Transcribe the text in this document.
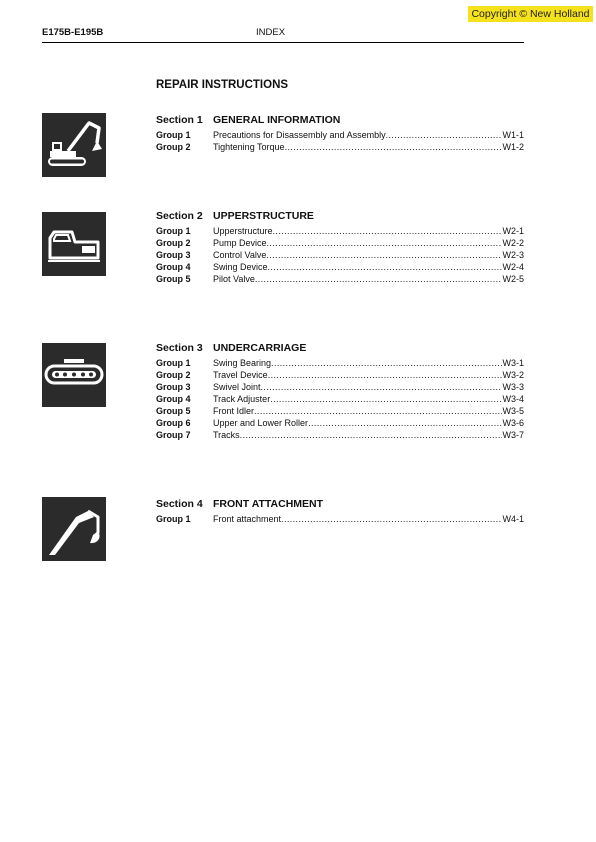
Copyright © New Holland
E175B-E195B	INDEX
REPAIR INSTRUCTIONS
Section 1 GENERAL INFORMATION
Group 1	Precautions for Disassembly and Assembly .....	W1-1
Group 2	Tightening Torque .....	W1-2
Section 2 UPPERSTRUCTURE
Group 1	Upperstructure .....	W2-1
Group 2	Pump Device .....	W2-2
Group 3	Control Valve .....	W2-3
Group 4	Swing Device .....	W2-4
Group 5	Pilot Valve .....	W2-5
Section 3 UNDERCARRIAGE
Group 1	Swing Bearing .....	W3-1
Group 2	Travel Device .....	W3-2
Group 3	Swivel Joint .....	W3-3
Group 4	Track Adjuster .....	W3-4
Group 5	Front Idler .....	W3-5
Group 6	Upper and Lower Roller .....	W3-6
Group 7	Tracks .....	W3-7
Section 4 FRONT ATTACHMENT
Group 1	Front attachment .....	W4-1
